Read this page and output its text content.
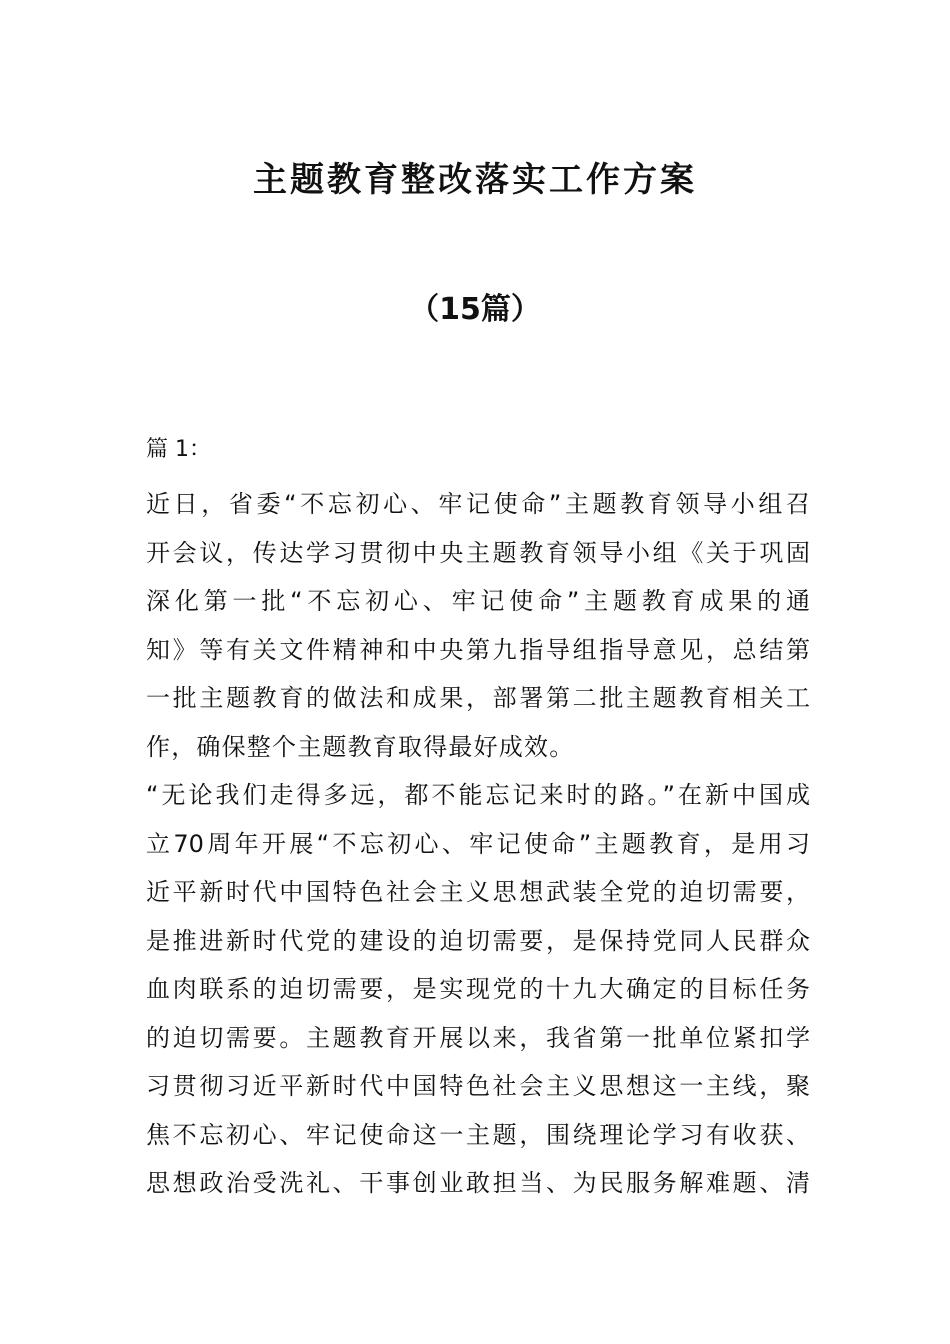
主题教育整改落实工作方案
（15篇）

篇 1：

近日，省委“不忘初心、牢记使命”主题教育领导小组召

开会议，传达学习贯彻中央主题教育领导小组《关于巩固

深化第一批“不忘初心、牢记使命”主题教育成果的通

知》等有关文件精神和中央第九指导组指导意见，总结第

一批主题教育的做法和成果，部署第二批主题教育相关工

作，确保整个主题教育取得最好成效。

“无论我们走得多远，都不能忘记来时的路。”在新中国成

立70周年开展“不忘初心、牢记使命”主题教育，是用习

近平新时代中国特色社会主义思想武装全党的迫切需要，

是推进新时代党的建设的迫切需要，是保持党同人民群众

血肉联系的迫切需要，是实现党的十九大确定的目标任务

的迫切需要。主题教育开展以来，我省第一批单位紧扣学

习贯彻习近平新时代中国特色社会主义思想这一主线，聚

焦不忘初心、牢记使命这一主题，围绕理论学习有收获、

思想政治受洗礼、干事创业敢担当、为民服务解难题、清
